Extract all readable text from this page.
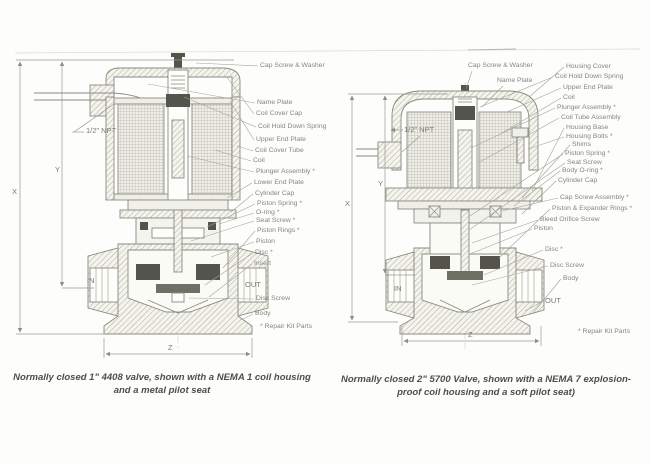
Cap Screw & Washer
Name Plate
Coil Cover Cap
Coil Hold Down Spring
Upper End Plate
Coil Cover Tube
Coil
Plunger Assembly *
Lower End Plate
Cylinder Cap
Piston Spring *
O-ring *
Seat Screw *
Piston Rings *
Piston
Disc *
Insert
Disc Screw
Body
* Repair Kit Parts
X
Y
Z
1/2" NPT
IN	OUT
Normally closed 1" 4408 valve, shown with a NEMA 1 coil housing and a metal pilot seat
Cap Screw & Washer
Name Plate
Housing Cover
Coil Hold Down Spring
Upper End Plate
Coil
Plunger Assembly *
Coil Tube Assembly
Housing Base
Housing Bolts *
Shims
Piston Spring *
Seat Screw
Body O-ring *
Cylinder Cap
Cap Screw Assembly *
Piston & Expander Rings *
Bleed Orifice Screw
Piston
Disc *
Disc Screw
Body
* Repair Kit Parts
X
Y
Z
1/2" NPT
IN
OUT
Normally closed 2" 5700 Valve, shown with a NEMA 7 explosion-proof coil housing and a soft pilot seat)
